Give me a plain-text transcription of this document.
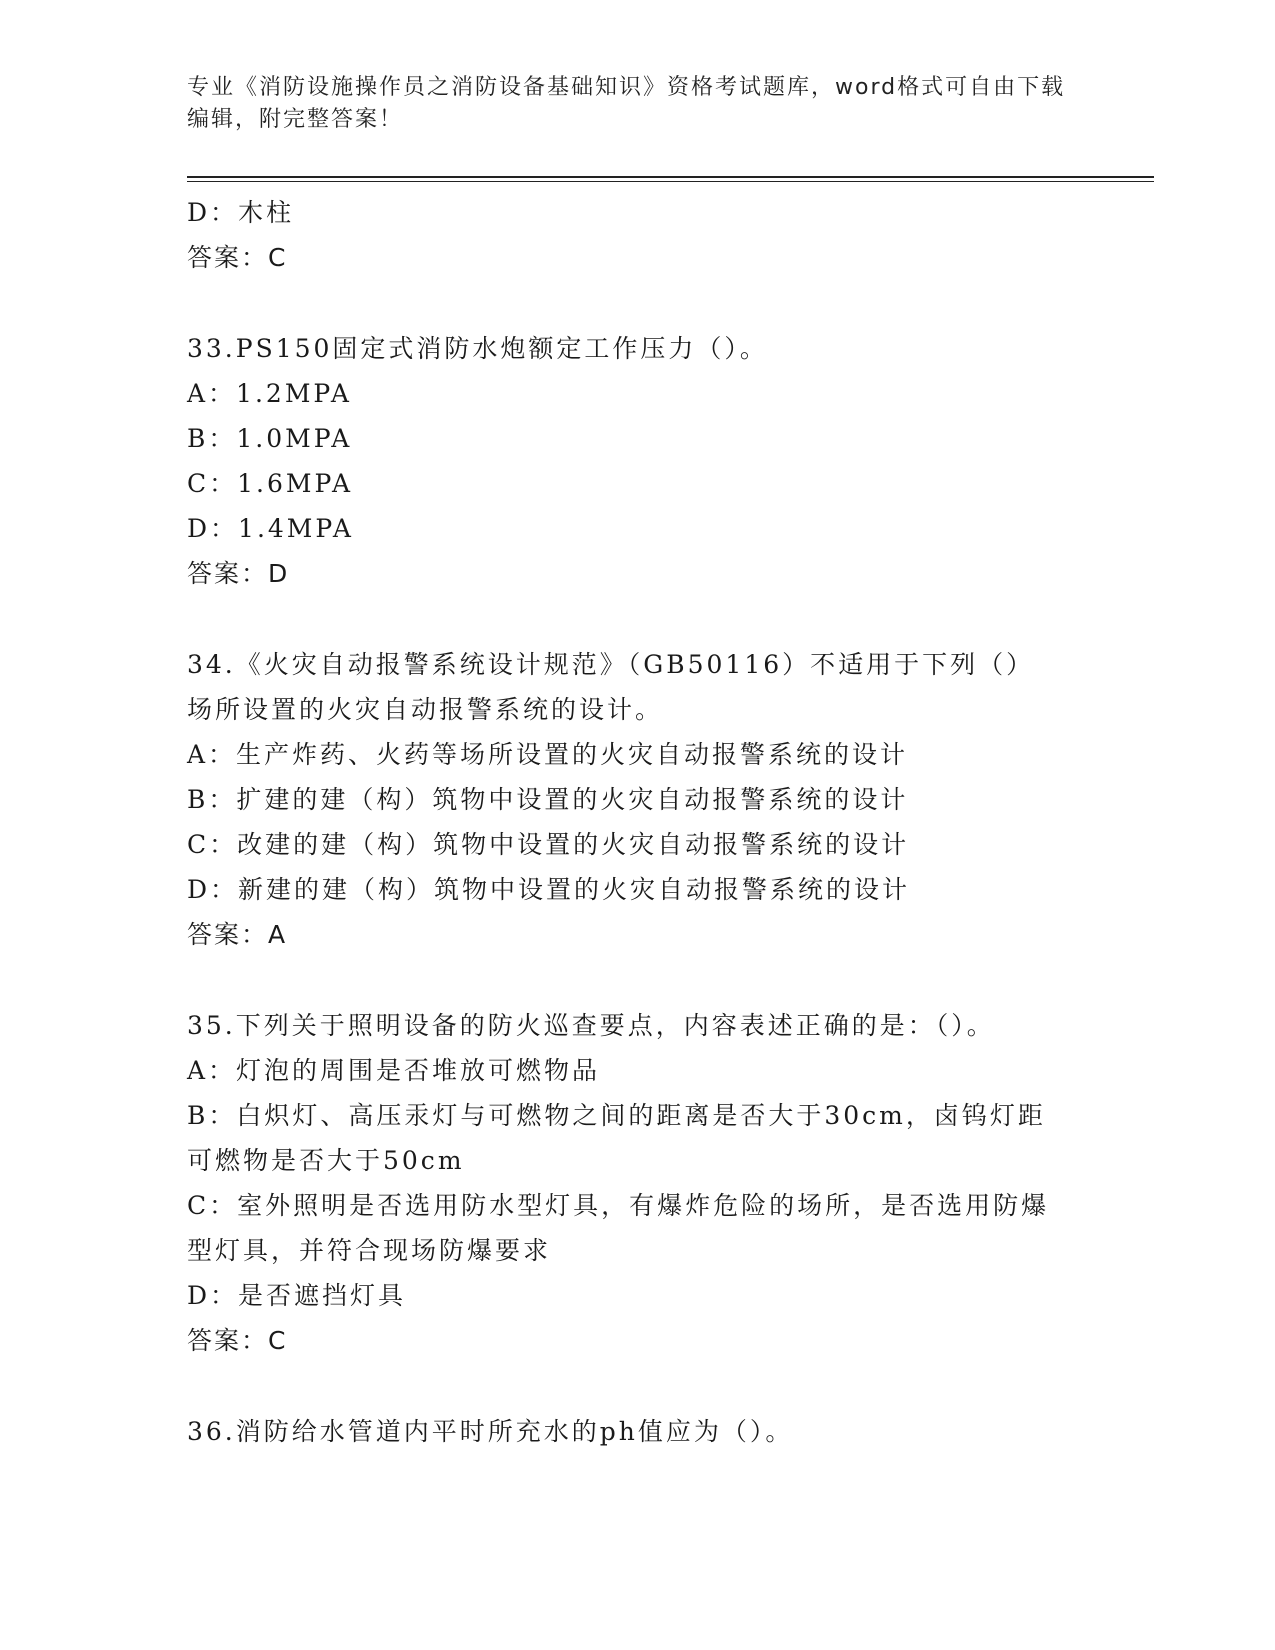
专业《消防设施操作员之消防设备基础知识》资格考试题库，word格式可自由下载编辑，附完整答案！
D：木柱
答案：C
33.PS150固定式消防水炮额定工作压力（）。
A：1.2MPA
B：1.0MPA
C：1.6MPA
D：1.4MPA
答案：D
34.《火灾自动报警系统设计规范》（GB50116）不适用于下列（）场所设置的火灾自动报警系统的设计。
A：生产炸药、火药等场所设置的火灾自动报警系统的设计
B：扩建的建（构）筑物中设置的火灾自动报警系统的设计
C：改建的建（构）筑物中设置的火灾自动报警系统的设计
D：新建的建（构）筑物中设置的火灾自动报警系统的设计
答案：A
35.下列关于照明设备的防火巡查要点，内容表述正确的是：（）。
A：灯泡的周围是否堆放可燃物品
B：白炽灯、高压汞灯与可燃物之间的距离是否大于30cm，卤钨灯距可燃物是否大于50cm
C：室外照明是否选用防水型灯具，有爆炸危险的场所，是否选用防爆型灯具，并符合现场防爆要求
D：是否遮挡灯具
答案：C
36.消防给水管道内平时所充水的ph值应为（）。
